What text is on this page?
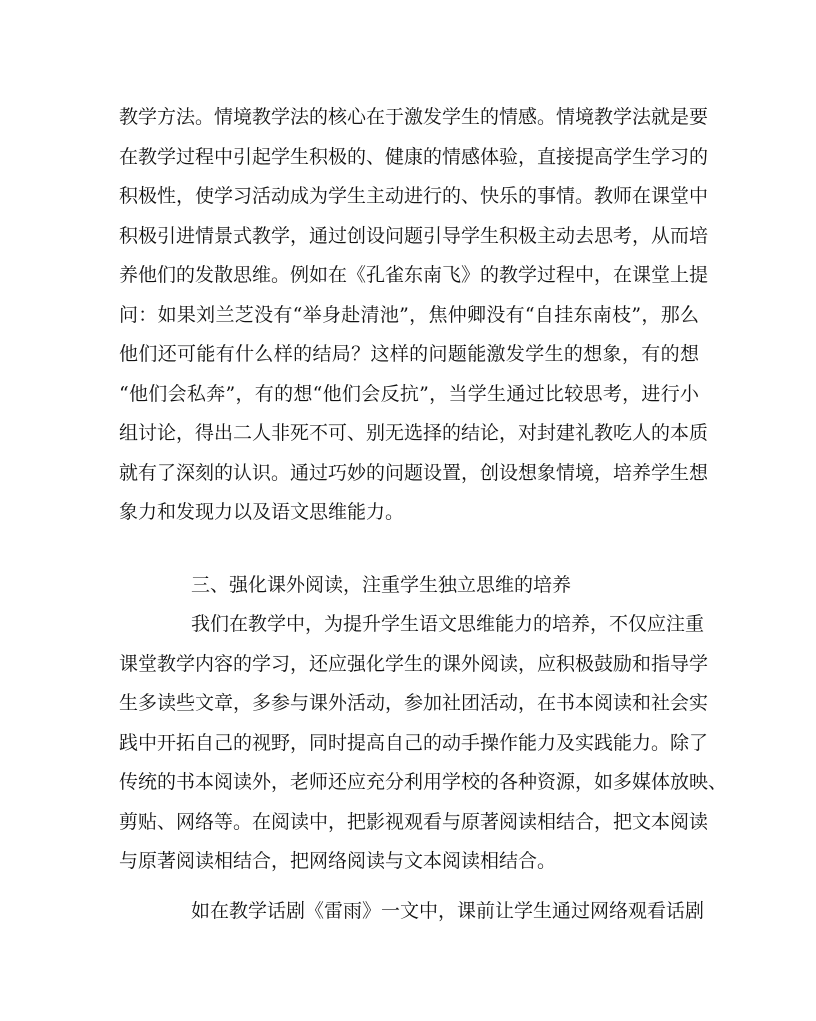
教学方法。情境教学法的核心在于激发学生的情感。情境教学法就是要
在教学过程中引起学生积极的、健康的情感体验，直接提高学生学习的
积极性，使学习活动成为学生主动进行的、快乐的事情。教师在课堂中
积极引进情景式教学，通过创设问题引导学生积极主动去思考，从而培
养他们的发散思维。例如在《孔雀东南飞》的教学过程中，在课堂上提
问：如果刘兰芝没有“举身赴清池”，焦仲卿没有“自挂东南枝”，那么
他们还可能有什么样的结局？这样的问题能激发学生的想象，有的想
“他们会私奔”，有的想“他们会反抗”，当学生通过比较思考，进行小
组讨论，得出二人非死不可、别无选择的结论，对封建礼教吃人的本质
就有了深刻的认识。通过巧妙的问题设置，创设想象情境，培养学生想
象力和发现力以及语文思维能力。
三、强化课外阅读，注重学生独立思维的培养
我们在教学中，为提升学生语文思维能力的培养，不仅应注重
课堂教学内容的学习，还应强化学生的课外阅读，应积极鼓励和指导学
生多读些文章，多参与课外活动，参加社团活动，在书本阅读和社会实
践中开拓自己的视野，同时提高自己的动手操作能力及实践能力。除了
传统的书本阅读外，老师还应充分利用学校的各种资源，如多媒体放映、
剪贴、网络等。在阅读中，把影视观看与原著阅读相结合，把文本阅读
与原著阅读相结合，把网络阅读与文本阅读相结合。
如在教学话剧《雷雨》一文中，课前让学生通过网络观看话剧
